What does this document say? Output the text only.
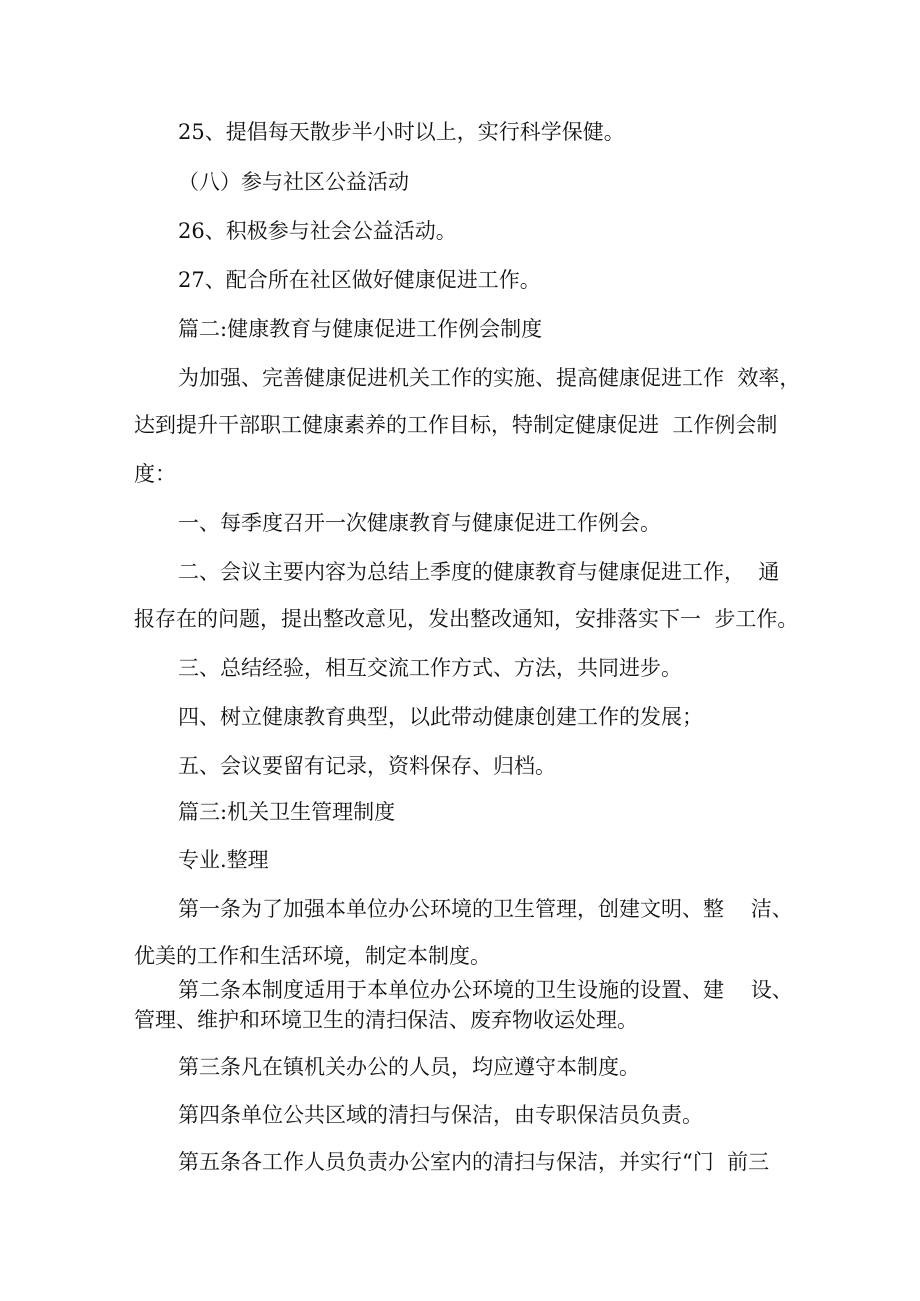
25、提倡每天散步半小时以上，实行科学保健。

（八）参与社区公益活动

26、积极参与社会公益活动。

27、配合所在社区做好健康促进工作。

篇二:健康教育与健康促进工作例会制度

为加强、完善健康促进机关工作的实施、提高健康促进工作  效率，

达到提升干部职工健康素养的工作目标，特制定健康促进  工作例会制

度：

一、每季度召开一次健康教育与健康促进工作例会。

二、会议主要内容为总结上季度的健康教育与健康促进工作，  通

报存在的问题，提出整改意见，发出整改通知，安排落实下一  步工作。

三、总结经验，相互交流工作方式、方法，共同进步。

四、树立健康教育典型，以此带动健康创建工作的发展；

五、会议要留有记录，资料保存、归档。

篇三:机关卫生管理制度

专业.整理

第一条为了加强本单位办公环境的卫生管理，创建文明、整    洁、

优美的工作和生活环境，制定本制度。

第二条本制度适用于本单位办公环境的卫生设施的设置、建    设、

管理、维护和环境卫生的清扫保洁、废弃物收运处理。

第三条凡在镇机关办公的人员，均应遵守本制度。

第四条单位公共区域的清扫与保洁，由专职保洁员负责。

第五条各工作人员负责办公室内的清扫与保洁，并实行“门  前三
